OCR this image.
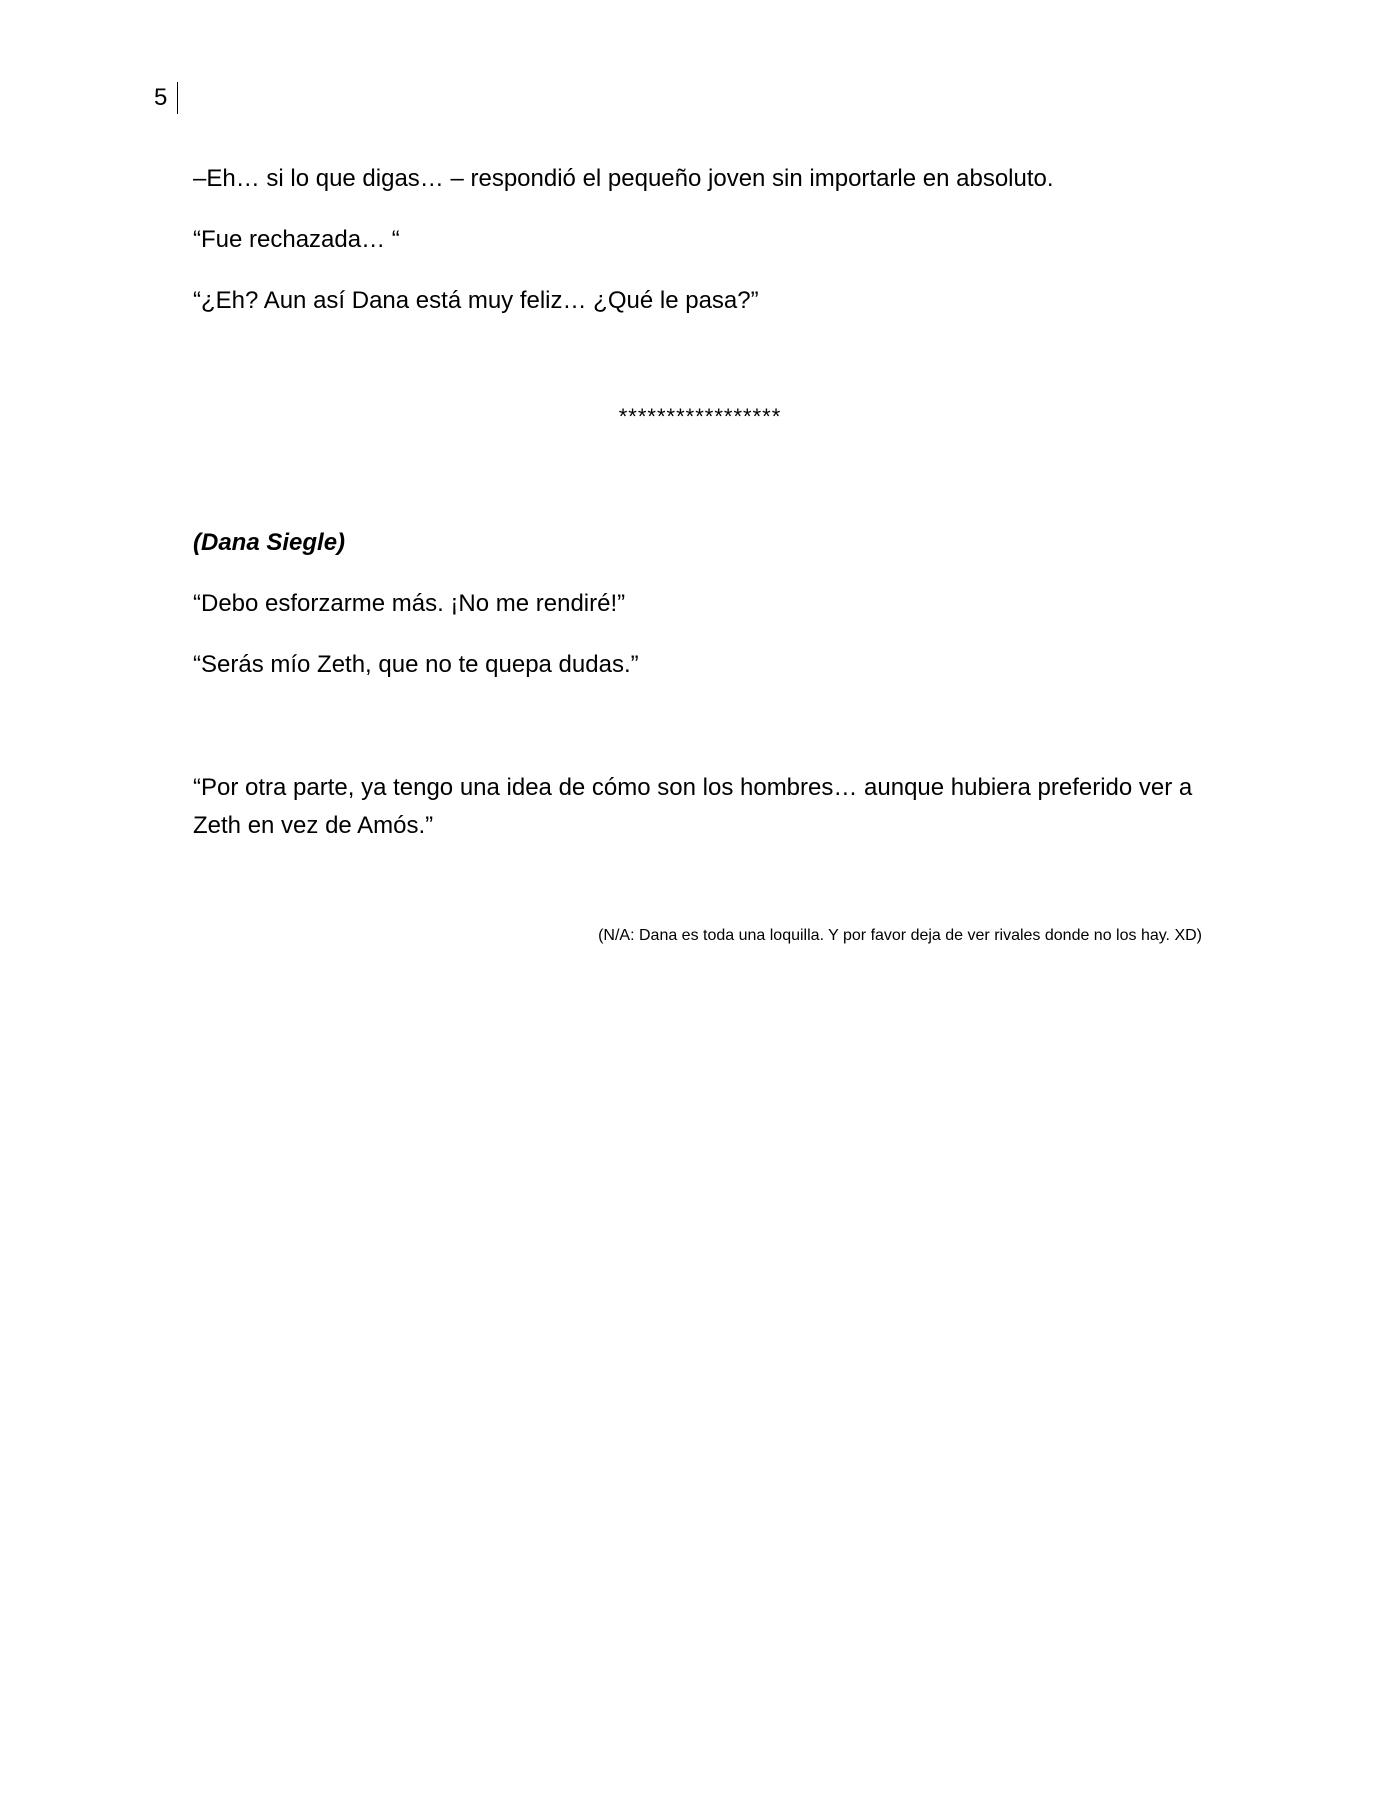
5

–Eh… si lo que digas… – respondió el pequeño joven sin importarle en absoluto.

“Fue rechazada… “

“¿Eh? Aun así Dana está muy feliz… ¿Qué le pasa?”

*****************

(Dana Siegle)

“Debo esforzarme más. ¡No me rendiré!”

“Serás mío Zeth, que no te quepa dudas.”

“Por otra parte, ya tengo una idea de cómo son los hombres… aunque hubiera preferido ver a Zeth en vez de Amós.”

(N/A: Dana es toda una loquilla. Y por favor deja de ver rivales donde no los hay. XD)
